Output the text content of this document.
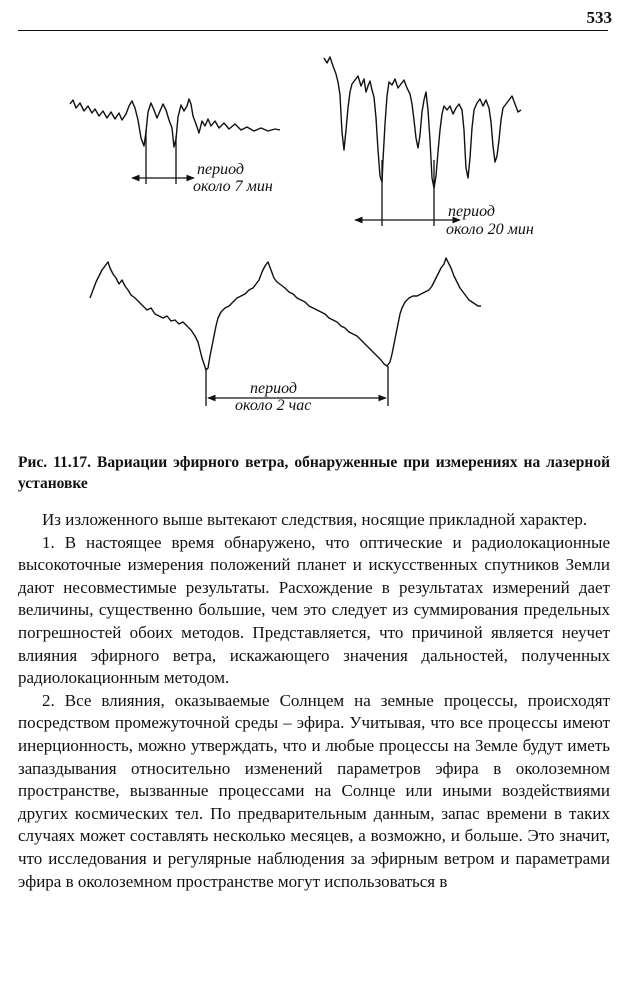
533
период
около 7 мин
период
около 20 мин
период
около 2 час
Рис. 11.17. Вариации эфирного ветра, обнаруженные при измерениях на лазерной установке

Из изложенного выше вытекают следствия, носящие прикладной характер.

1. В настоящее время обнаружено, что оптические и радиолокационные высокоточные измерения положений планет и искусственных спутников Земли дают несовместимые результаты. Расхождение в результатах измерений дает величины, существенно большие, чем это следует из суммирования предельных погрешностей обоих методов. Представляется, что причиной является неучет влияния эфирного ветра, искажающего значения дальностей, полученных радиолокационным методом.

2. Все влияния, оказываемые Солнцем на земные процессы, происходят посредством промежуточной среды – эфира. Учитывая, что все процессы имеют инерционность, можно утверждать, что и любые процессы на Земле будут иметь запаздывания относительно изменений параметров эфира в околоземном пространстве, вызванные процессами на Солнце или иными воздействиями других космических тел. По предварительным данным, запас времени в таких случаях может составлять несколько месяцев, а возможно, и больше. Это значит, что исследования и регулярные наблюдения за эфирным ветром и параметрами эфира в околоземном пространстве могут использоваться в
